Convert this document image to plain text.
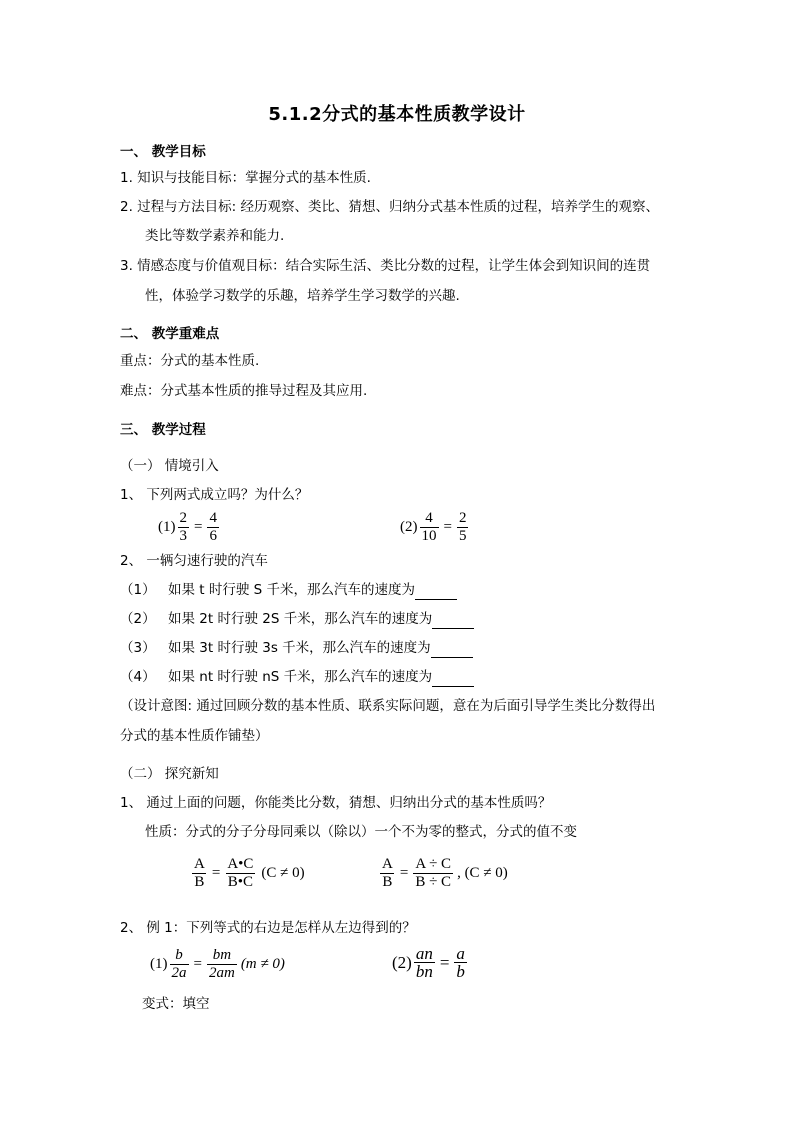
5.1.2分式的基本性质教学设计
一、 教学目标
1. 知识与技能目标：掌握分式的基本性质.
2. 过程与方法目标: 经历观察、类比、猜想、归纳分式基本性质的过程，培养学生的观察、
类比等数学素养和能力.
3. 情感态度与价值观目标：结合实际生活、类比分数的过程，让学生体会到知识间的连贯
性，体验学习数学的乐趣，培养学生学习数学的兴趣.
二、 教学重难点
重点：分式的基本性质.
难点：分式基本性质的推导过程及其应用.
三、 教学过程
（一） 情境引入
1、 下列两式成立吗？为什么？
$(1) \frac{2}{3} = \frac{4}{6}$	$(2) \frac{4}{10} = \frac{2}{5}$
2、 一辆匀速行驶的汽车
（1） 如果 t 时行驶 S 千米，那么汽车的速度为
（2） 如果 2t 时行驶 2S 千米，那么汽车的速度为
（3） 如果 3t 时行驶 3s 千米，那么汽车的速度为
（4） 如果 nt 时行驶 nS 千米，那么汽车的速度为
（设计意图: 通过回顾分数的基本性质、联系实际问题，意在为后面引导学生类比分数得出
分式的基本性质作铺垫）
（二） 探究新知
1、 通过上面的问题，你能类比分数，猜想、归纳出分式的基本性质吗？
性质：分式的分子分母同乘以（除以）一个不为零的整式，分式的值不变
$\frac{A}{B} = \frac{A•C}{B•C} (C \ne 0)$	$\frac{A}{B} = \frac{A \div C}{B \div C}$ , (C ≠ 0)
2、 例 1：下列等式的右边是怎样从左边得到的？
$(1) \frac{b}{2a} = \frac{bm}{2am} (m \ne 0)$	$(2) \frac{an}{bn} = \frac{a}{b}$
变式：填空
